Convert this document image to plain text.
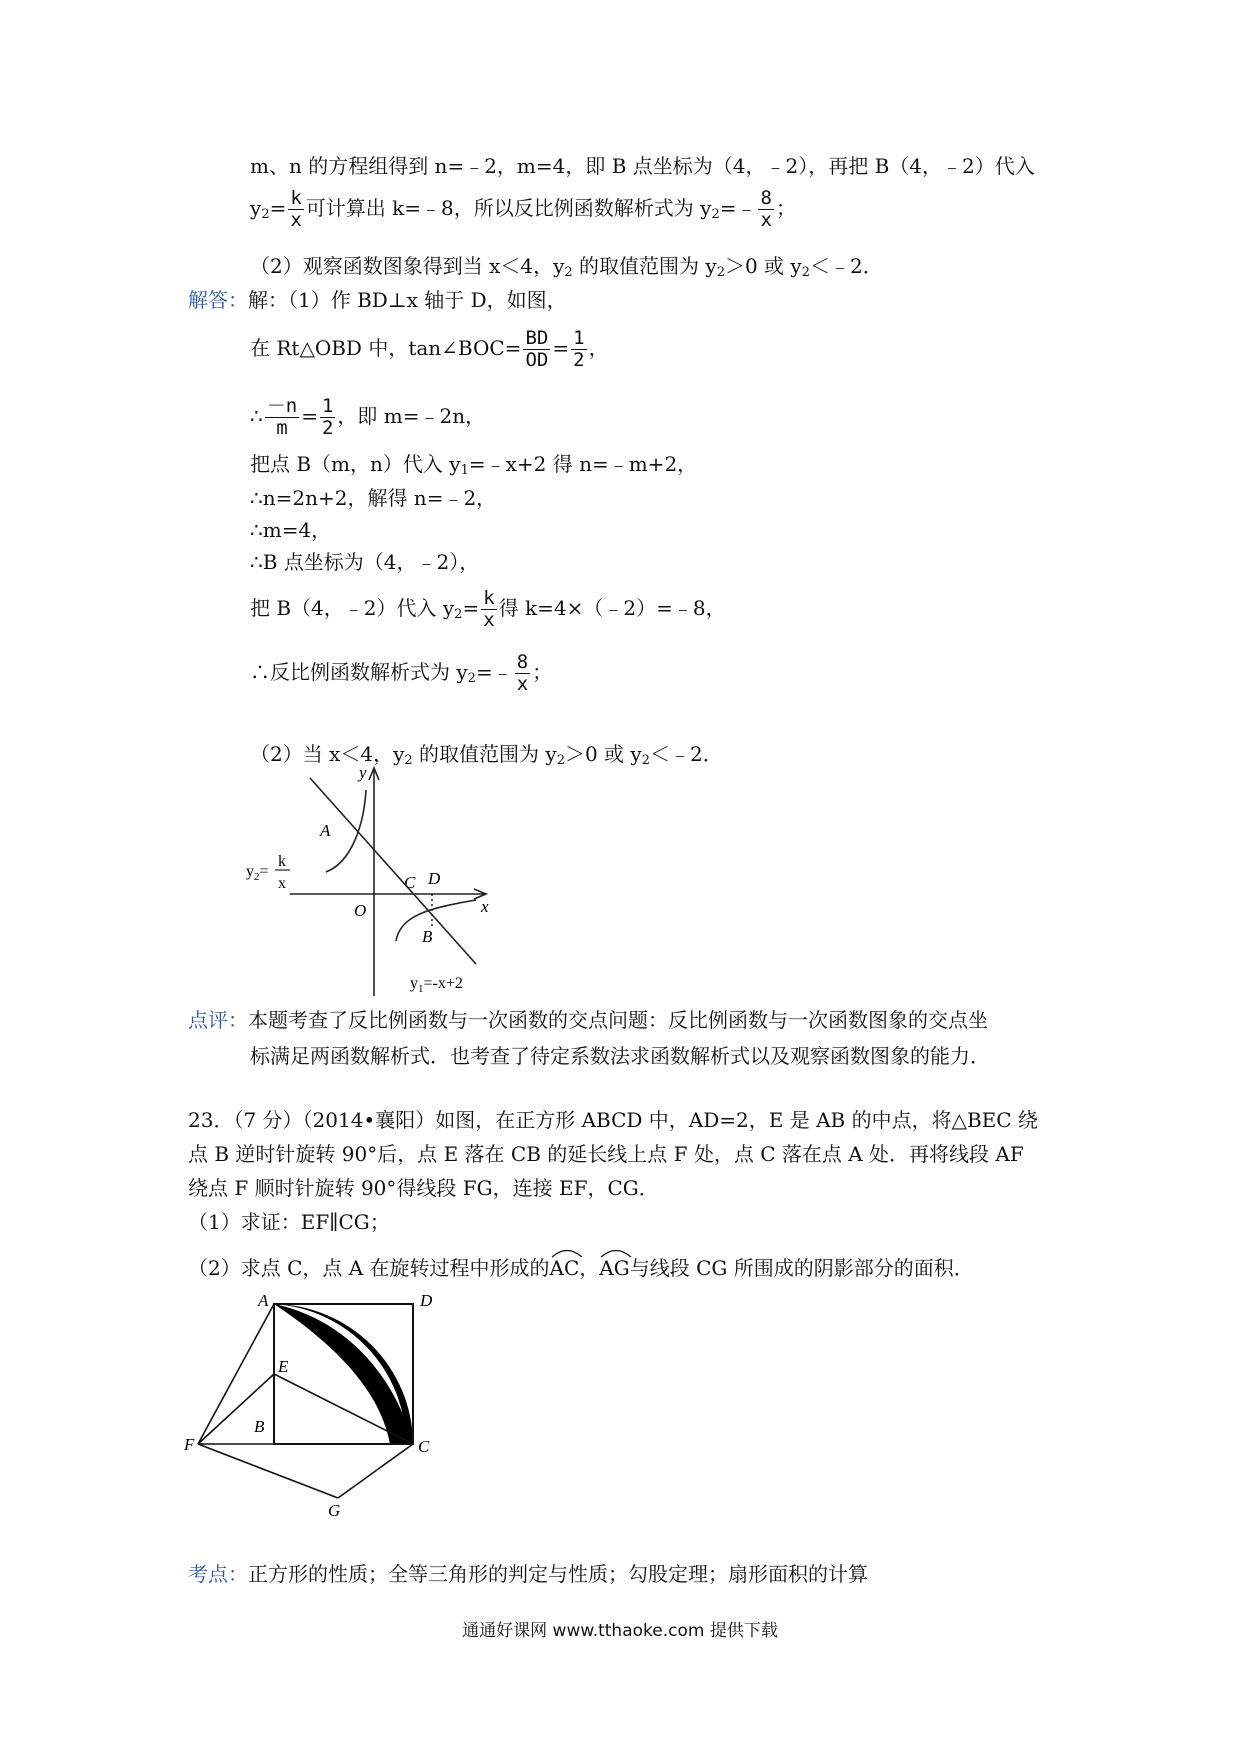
m、n 的方程组得到 n=﹣2，m=4，即 B 点坐标为（4，﹣2），再把 B（4，﹣2）代入
$y_2= \frac{k}{x}$ 可计算出 k=﹣8，所以反比例函数解析式为 $y_2=﹣ \frac{8}{x}$ ；
（2）观察函数图象得到当 x＜4，$y_2$ 的取值范围为 $y_2>0$ 或 $y_2<﹣2$．
解答：解：（1）作 BD⊥x 轴于 D，如图，
在 Rt△OBD 中，tan∠BOC= $\frac{BD}{OD} = \frac{1}{2}$ ，
∴ $\frac{-n}{m} = \frac{1}{2}$ ，即 m=﹣2n，
把点 B（m，n）代入 $y_1=﹣x+2$ 得 n=﹣m+2，
∴n=2n+2，解得 n=﹣2，
∴m=4，
∴B 点坐标为（4，﹣2），
把 B（4，﹣2）代入 $y_2= \frac{k}{x}$ 得 k=4×（﹣2）=﹣8，
∴反比例函数解析式为 $y_2=﹣ \frac{8}{x}$ ；
（2）当 x＜4，$y_2$ 的取值范围为 $y_2>0$ 或 $y_2<﹣2$．
y
x
O
A
B
C D
$y_2=$
k
x
$y_1=-x+2$
点评：本题考查了反比例函数与一次函数的交点问题：反比例函数与一次函数图象的交点坐
标满足两函数解析式．也考查了待定系数法求函数解析式以及观察函数图象的能力．
23．（7 分）（2014•襄阳）如图，在正方形 ABCD 中，AD=2，E 是 AB 的中点，将△BEC 绕
点 B 逆时针旋转 90°后，点 E 落在 CB 的延长线上点 F 处，点 C 落在点 A 处．再将线段 AF
绕点 F 顺时针旋转 90°得线段 FG，连接 EF，CG．
（1）求证：EF∥CG；
（2）求点 C，点 A 在旋转过程中形成的
AC，
AG与线段 CG 所围成的阴影部分的面积．
A	D
E
B
F	C
G
考点：正方形的性质；全等三角形的判定与性质；勾股定理；扇形面积的计算
通通好课网 www.tthaoke.com 提供下载
